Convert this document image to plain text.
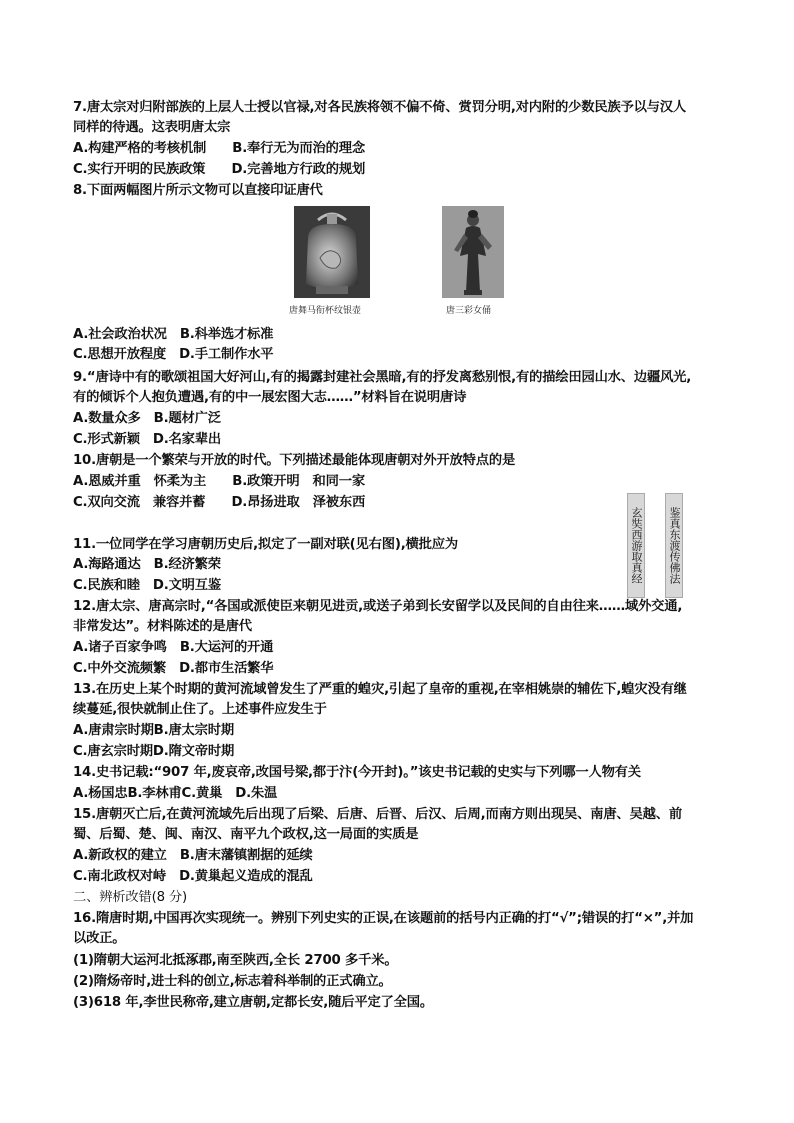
7.唐太宗对归附部族的上层人士授以官禄,对各民族将领不偏不倚、赏罚分明,对内附的少数民族予以与汉人
同样的待遇。这表明唐太宗
A.构建严格的考核机制　　B.奉行无为而治的理念
C.实行开明的民族政策　　D.完善地方行政的规划
8.下面两幅图片所示文物可以直接印证唐代
唐舞马衔杯纹银壶	唐三彩女俑
A.社会政治状况　B.科举选才标准
C.思想开放程度　D.手工制作水平
9.“唐诗中有的歌颂祖国大好河山,有的揭露封建社会黑暗,有的抒发离愁别恨,有的描绘田园山水、边疆风光,
有的倾诉个人抱负遭遇,有的中一展宏图大志……”材料旨在说明唐诗
A.数量众多　B.题材广泛
C.形式新颖　D.名家辈出
10.唐朝是一个繁荣与开放的时代。下列描述最能体现唐朝对外开放特点的是
A.恩威并重　怀柔为主　　B.政策开明　和同一家
C.双向交流　兼容并蓄　　D.昂扬进取　泽被东西
玄奘西游取真经 鉴真东渡传佛法
11.一位同学在学习唐朝历史后,拟定了一副对联(见右图),横批应为
A.海路通达　B.经济繁荣
C.民族和睦　D.文明互鉴
12.唐太宗、唐高宗时,“各国或派使臣来朝见进贡,或送子弟到长安留学以及民间的自由往来……域外交通,
非常发达”。材料陈述的是唐代
A.诸子百家争鸣　B.大运河的开通
C.中外交流频繁　D.都市生活繁华
13.在历史上某个时期的黄河流域曾发生了严重的蝗灾,引起了皇帝的重视,在宰相姚崇的辅佐下,蝗灾没有继
续蔓延,很快就制止住了。上述事件应发生于
A.唐肃宗时期B.唐太宗时期
C.唐玄宗时期D.隋文帝时期
14.史书记载:“907 年,废哀帝,改国号梁,都于汴(今开封)。”该史书记载的史实与下列哪一人物有关
A.杨国忠B.李林甫C.黄巢　D.朱温
15.唐朝灭亡后,在黄河流域先后出现了后梁、后唐、后晋、后汉、后周,而南方则出现吴、南唐、吴越、前
蜀、后蜀、楚、闽、南汉、南平九个政权,这一局面的实质是
A.新政权的建立　B.唐末藩镇割据的延续
C.南北政权对峙　D.黄巢起义造成的混乱
二、辨析改错(8 分)
16.隋唐时期,中国再次实现统一。辨别下列史实的正误,在该题前的括号内正确的打“√”;错误的打“×”,并加
以改正。
(1)隋朝大运河北抵涿郡,南至陕西,全长 2700 多千米。
(2)隋炀帝时,进士科的创立,标志着科举制的正式确立。
(3)618 年,李世民称帝,建立唐朝,定都长安,随后平定了全国。
